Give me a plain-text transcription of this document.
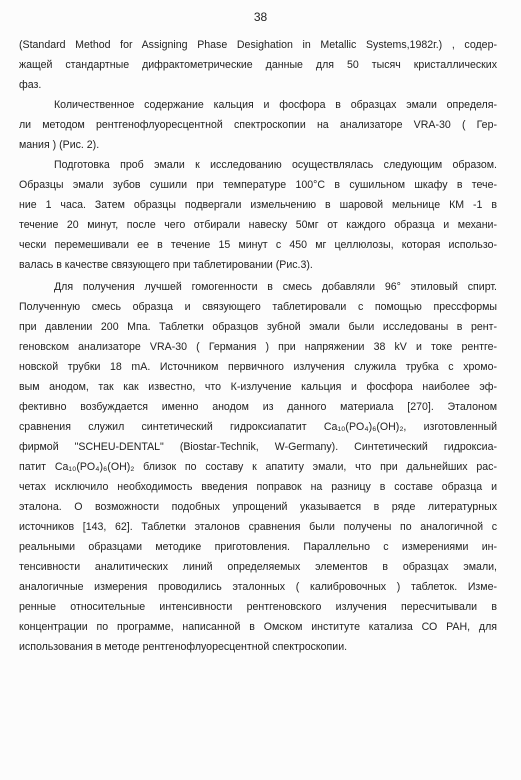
38
(Standard Method for Assigning Phase Desighation in Metallic Systems,1982г.) , содер-
жащей стандартные дифрактометрические данные для 50 тысяч кристаллических
фаз.
Количественное содержание кальция и фосфора в образцах эмали определя-
ли методом рентгенофлуоресцентной спектроскопии на анализаторе VRA-30 ( Гер-
мания ) (Рис. 2).
Подготовка проб эмали к исследованию осуществлялась следующим образом.
Образцы эмали зубов сушили при температуре 100°С в сушильном шкафу в тече-
ние 1 часа. Затем образцы подвергали измельчению в шаровой мельнице КМ -1 в
течение 20 минут, после чего отбирали навеску 50мг от каждого образца и механи-
чески перемешивали ее в течение 15 минут с 450 мг целлюлозы, которая использо-
валась в качестве связующего при таблетировании (Рис.3).
Для получения лучшей гомогенности в смесь добавляли 96° этиловый спирт.
Полученную смесь образца и связующего таблетировали с помощью прессформы
при давлении 200 Мпа. Таблетки образцов зубной эмали были исследованы в рент-
геновском анализаторе VRA-30 ( Германия ) при напряжении 38 kV и токе рентге-
новской трубки 18 mA. Источником первичного излучения служила трубка с хромо-
вым анодом, так как известно, что К-излучение кальция и фосфора наиболее эф-
фективно возбуждается именно анодом из данного материала [270]. Эталоном
сравнения служил синтетический гидроксиапатит Ca₁₀(PO₄)₆(OH)₂, изготовленный
фирмой "SCHEU-DENTAL" (Biostar-Technik, W-Germany). Синтетический гидроксиа-
патит Ca₁₀(PO₄)₆(OH)₂ близок по составу к апатиту эмали, что при дальнейших рас-
четах исключило необходимость введения поправок на разницу в составе образца и
эталона. О возможности подобных упрощений указывается в ряде литературных
источников [143, 62]. Таблетки эталонов сравнения были получены по аналогичной с
реальными образцами методике приготовления. Параллельно с измерениями ин-
тенсивности аналитических линий определяемых элементов в образцах эмали,
аналогичные измерения проводились эталонных ( калибровочных ) таблеток. Изме-
ренные относительные интенсивности рентгеновского излучения пересчитывали в
концентрации по программе, написанной в Омском институте катализа СО РАН, для
использования в методе рентгенофлуоресцентной спектроскопии.
